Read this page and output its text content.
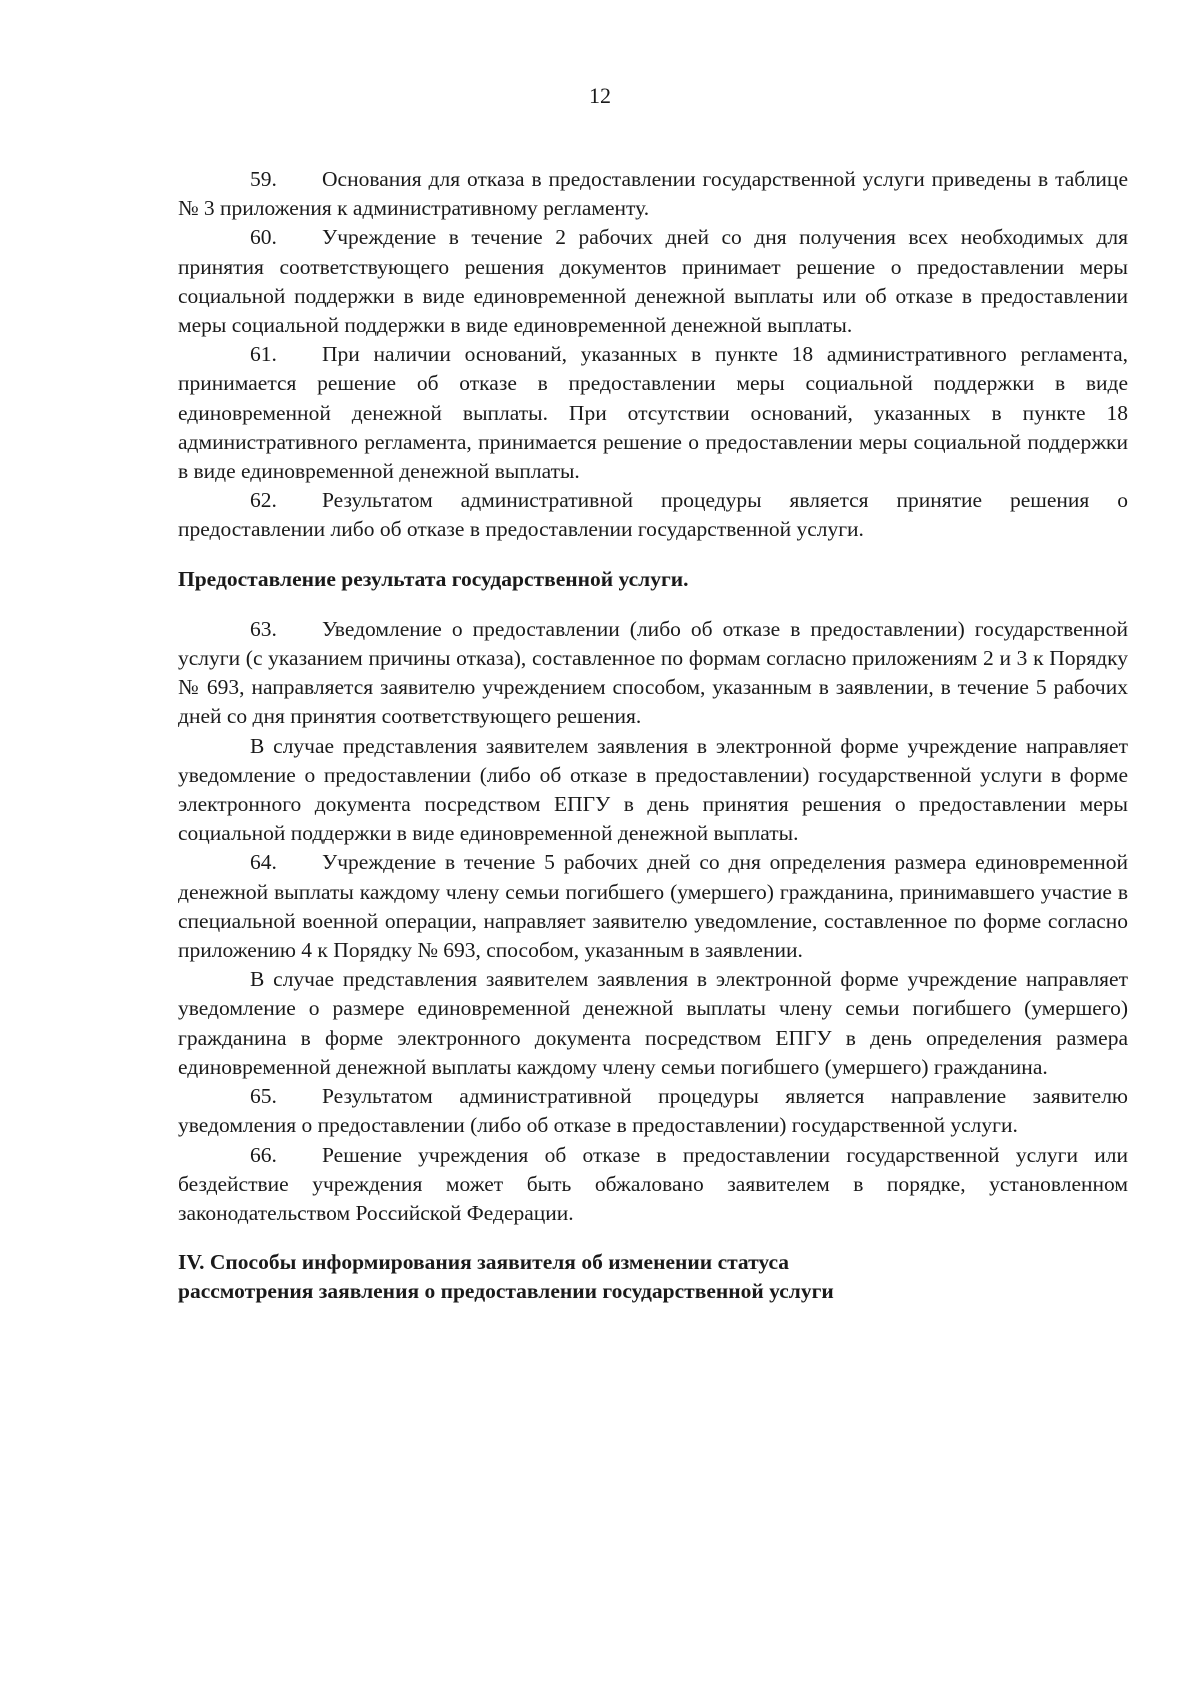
12

59. Основания для отказа в предоставлении государственной услуги приведены в таблице № 3 приложения к административному регламенту.

60. Учреждение в течение 2 рабочих дней со дня получения всех необходимых для принятия соответствующего решения документов принимает решение о предоставлении меры социальной поддержки в виде единовременной денежной выплаты или об отказе в предоставлении меры социальной поддержки в виде единовременной денежной выплаты.

61. При наличии оснований, указанных в пункте 18 административного регламента, принимается решение об отказе в предоставлении меры социальной поддержки в виде единовременной денежной выплаты. При отсутствии оснований, указанных в пункте 18 административного регламента, принимается решение о предоставлении меры социальной поддержки в виде единовременной денежной выплаты.

62. Результатом административной процедуры является принятие решения о предоставлении либо об отказе в предоставлении государственной услуги.

Предоставление результата государственной услуги.

63. Уведомление о предоставлении (либо об отказе в предоставлении) государственной услуги (с указанием причины отказа), составленное по формам согласно приложениям 2 и 3 к Порядку № 693, направляется заявителю учреждением способом, указанным в заявлении, в течение 5 рабочих дней со дня принятия соответствующего решения.

В случае представления заявителем заявления в электронной форме учреждение направляет уведомление о предоставлении (либо об отказе в предоставлении) государственной услуги в форме электронного документа посредством ЕПГУ в день принятия решения о предоставлении меры социальной поддержки в виде единовременной денежной выплаты.

64. Учреждение в течение 5 рабочих дней со дня определения размера единовременной денежной выплаты каждому члену семьи погибшего (умершего) гражданина, принимавшего участие в специальной военной операции, направляет заявителю уведомление, составленное по форме согласно приложению 4 к Порядку № 693, способом, указанным в заявлении.

В случае представления заявителем заявления в электронной форме учреждение направляет уведомление о размере единовременной денежной выплаты члену семьи погибшего (умершего) гражданина в форме электронного документа посредством ЕПГУ в день определения размера единовременной денежной выплаты каждому члену семьи погибшего (умершего) гражданина.

65. Результатом административной процедуры является направление заявителю уведомления о предоставлении (либо об отказе в предоставлении) государственной услуги.

66. Решение учреждения об отказе в предоставлении государственной услуги или бездействие учреждения может быть обжаловано заявителем в порядке, установленном законодательством Российской Федерации.

IV. Способы информирования заявителя об изменении статуса
рассмотрения заявления о предоставлении государственной услуги
